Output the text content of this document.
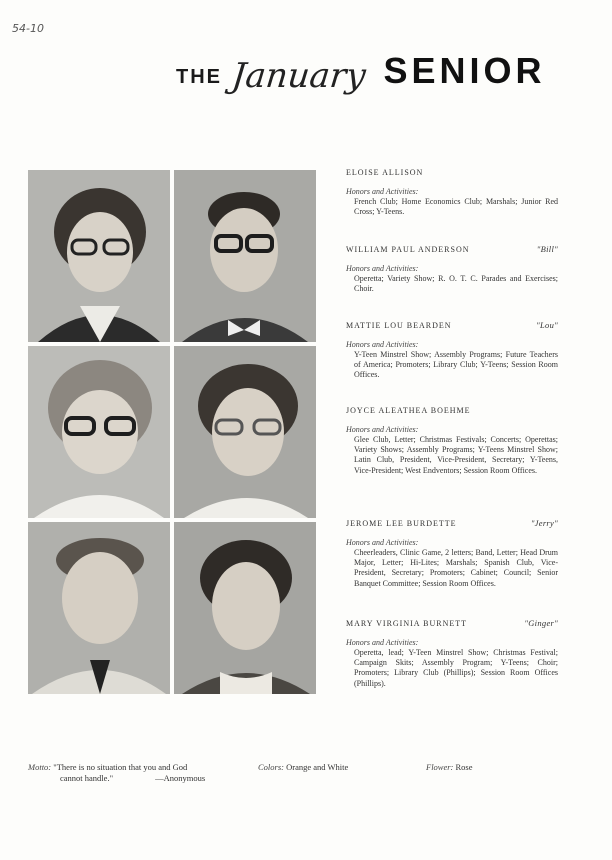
54-10
THE January SENIOR
ELOISE ALLISON
Honors and Activities:
French Club; Home Economics Club; Marshals; Junior Red Cross; Y-Teens.
WILLIAM PAUL ANDERSON	"Bill"
Honors and Activities:
Operetta; Variety Show; R. O. T. C. Parades and Exercises; Choir.
MATTIE LOU BEARDEN	"Lou"
Honors and Activities:
Y-Teen Minstrel Show; Assembly Programs; Future Teachers of America; Promoters; Library Club; Y-Teens; Session Room Offices.
JOYCE ALEATHEA BOEHME
Honors and Activities:
Glee Club, Letter; Christmas Festivals; Concerts; Operettas; Variety Shows; Assembly Programs; Y-Teens Minstrel Show; Latin Club, President, Vice-President, Secretary; Y-Teens, Vice-President; West Endventors; Session Room Offices.
JEROME LEE BURDETTE	"Jerry"
Honors and Activities:
Cheerleaders, Clinic Game, 2 letters; Band, Letter; Head Drum Major, Letter; Hi-Lites; Marshals; Spanish Club, Vice-President, Secretary; Promoters; Cabinet; Council; Senior Banquet Committee; Session Room Offices.
MARY VIRGINIA BURNETT	"Ginger"
Honors and Activities:
Operetta, lead; Y-Teen Minstrel Show; Christmas Festival; Campaign Skits; Assembly Program; Y-Teens; Choir; Promoters; Library Club (Phillips); Session Room Offices (Phillips).
Motto: "There is no situation that you and God
cannot handle."	—Anonymous
Colors: Orange and White	Flower: Rose
